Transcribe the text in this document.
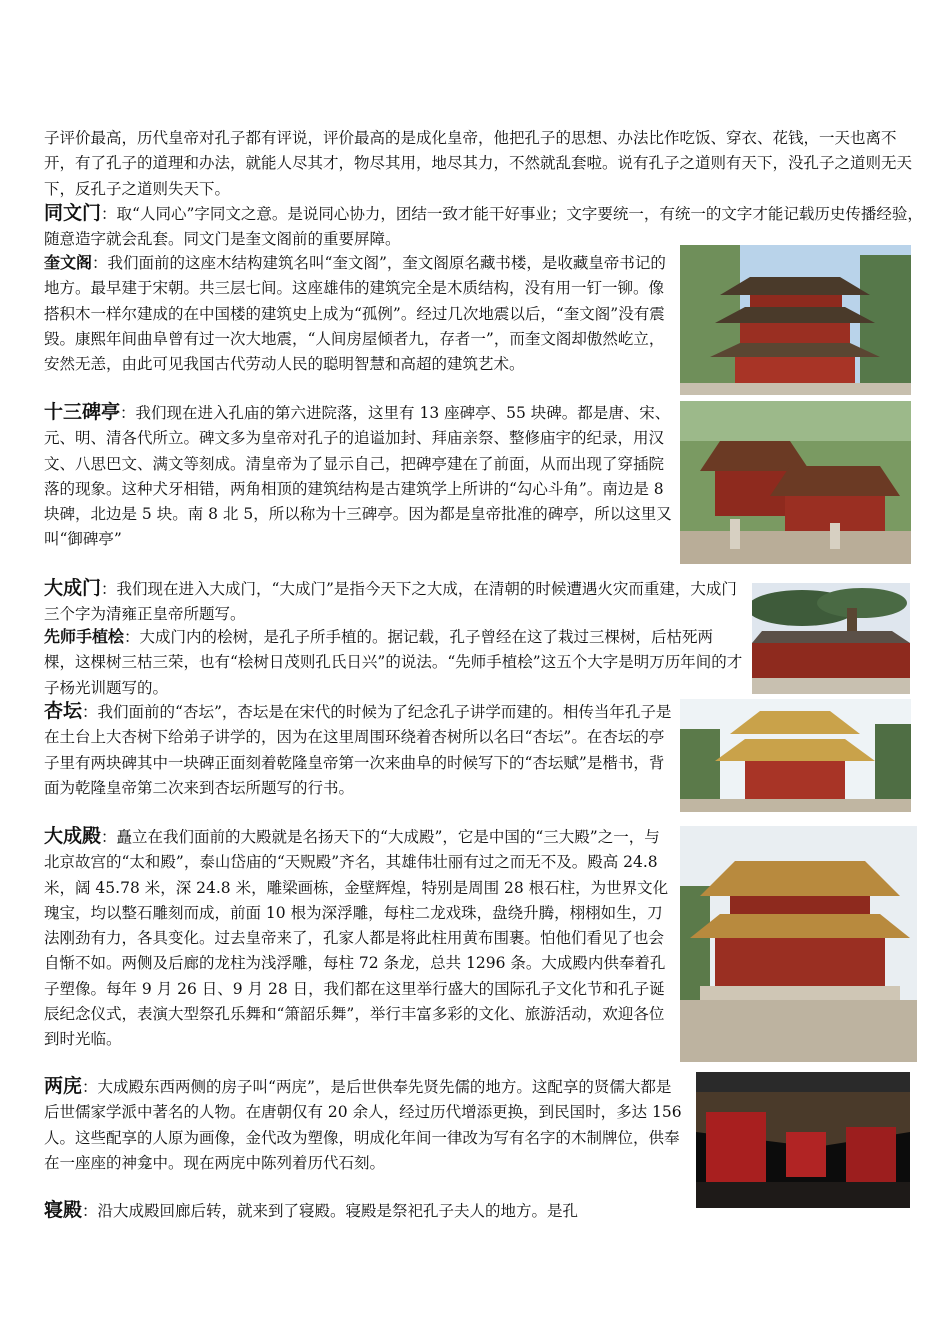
子评价最高，历代皇帝对孔子都有评说，评价最高的是成化皇帝，他把孔子的思想、办法比作吃饭、穿衣、花钱，一天也离不开，有了孔子的道理和办法，就能人尽其才，物尽其用，地尽其力，不然就乱套啦。说有孔子之道则有天下，没孔子之道则无天下，反孔子之道则失天下。

同文门：取“人同心”字同文之意。是说同心协力，团结一致才能干好事业；文字要统一，有统一的文字才能记载历史传播经验，随意造字就会乱套。同文门是奎文阁前的重要屏障。

奎文阁：我们面前的这座木结构建筑名叫“奎文阁”，奎文阁原名藏书楼，是收藏皇帝书记的地方。最早建于宋朝。共三层七间。这座雄伟的建筑完全是木质结构，没有用一钉一铆。像搭积木一样尔建成的在中国楼的建筑史上成为“孤例”。经过几次地震以后，“奎文阁”没有震毁。康熙年间曲阜曾有过一次大地震，“人间房屋倾者九，存者一”，而奎文阁却傲然屹立，安然无恙，由此可见我国古代劳动人民的聪明智慧和高超的建筑艺术。

十三碑亭：我们现在进入孔庙的第六进院落，这里有 13 座碑亭、55 块碑。都是唐、宋、元、明、清各代所立。碑文多为皇帝对孔子的追谥加封、拜庙亲祭、整修庙宇的纪录，用汉文、八思巴文、满文等刻成。清皇帝为了显示自己，把碑亭建在了前面，从而出现了穿插院落的现象。这种犬牙相错，两角相顶的建筑结构是古建筑学上所讲的“勾心斗角”。南边是 8 块碑，北边是 5 块。南 8 北 5，所以称为十三碑亭。因为都是皇帝批准的碑亭，所以这里又叫“御碑亭”

大成门：我们现在进入大成门，“大成门”是指今天下之大成，在清朝的时候遭遇火灾而重建，大成门三个字为清雍正皇帝所题写。

先师手植桧：大成门内的桧树，是孔子所手植的。据记载，孔子曾经在这了栽过三棵树，后枯死两棵，这棵树三枯三荣，也有“桧树日茂则孔氏日兴”的说法。“先师手植桧”这五个大字是明万历年间的才子杨光训题写的。

杏坛：我们面前的“杏坛”，杏坛是在宋代的时候为了纪念孔子讲学而建的。相传当年孔子是在土台上大杏树下给弟子讲学的，因为在这里周围环绕着杏树所以名曰“杏坛”。在杏坛的亭子里有两块碑其中一块碑正面刻着乾隆皇帝第一次来曲阜的时候写下的“杏坛赋”是楷书，背面为乾隆皇帝第二次来到杏坛所题写的行书。

大成殿：矗立在我们面前的大殿就是名扬天下的“大成殿”，它是中国的“三大殿”之一，与北京故宫的“太和殿”，泰山岱庙的“天贶殿”齐名，其雄伟壮丽有过之而无不及。殿高 24.8 米，阔 45.78 米，深 24.8 米，雕梁画栋，金壁辉煌，特别是周围 28 根石柱，为世界文化瑰宝，均以整石雕刻而成，前面 10 根为深浮雕，每柱二龙戏珠，盘绕升腾，栩栩如生，刀法刚劲有力，各具变化。过去皇帝来了，孔家人都是将此柱用黄布围裹。怕他们看见了也会自惭不如。两侧及后廊的龙柱为浅浮雕，每柱 72 条龙，总共 1296 条。大成殿内供奉着孔子塑像。每年 9 月 26 日、9 月 28 日，我们都在这里举行盛大的国际孔子文化节和孔子诞辰纪念仪式，表演大型祭孔乐舞和“箫韶乐舞”，举行丰富多彩的文化、旅游活动，欢迎各位到时光临。

两庑：大成殿东西两侧的房子叫“两庑”，是后世供奉先贤先儒的地方。这配享的贤儒大都是后世儒家学派中著名的人物。在唐朝仅有 20 余人，经过历代增添更换，到民国时，多达 156 人。这些配享的人原为画像，金代改为塑像，明成化年间一律改为写有名字的木制牌位，供奉在一座座的神龛中。现在两庑中陈列着历代石刻。

寝殿：沿大成殿回廊后转，就来到了寝殿。寝殿是祭祀孔子夫人的地方。是孔
